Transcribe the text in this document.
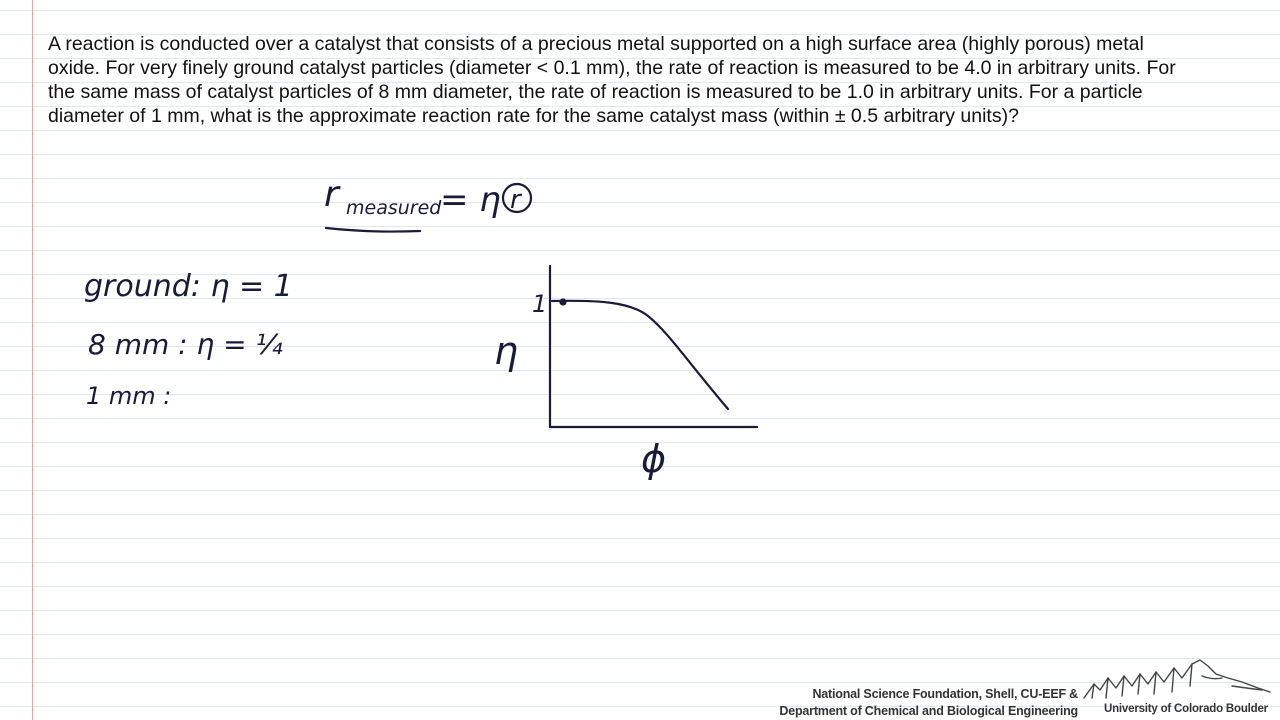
A reaction is conducted over a catalyst that consists of a precious metal supported on a high surface area (highly porous) metal oxide. For very finely ground catalyst particles (diameter < 0.1 mm), the rate of reaction is measured to be 4.0 in arbitrary units. For the same mass of catalyst particles of 8 mm diameter, the rate of reaction is measured to be 1.0 in arbitrary units. For a particle diameter of 1 mm, what is the approximate reaction rate for the same catalyst mass (within ± 0.5 arbitrary units)?
r measured
= η r
ground: η = 1
8 mm : η = ¼
1 mm :
1
η
ϕ
National Science Foundation, Shell, CU-EEF &
Department of Chemical and Biological Engineering University of Colorado Boulder
